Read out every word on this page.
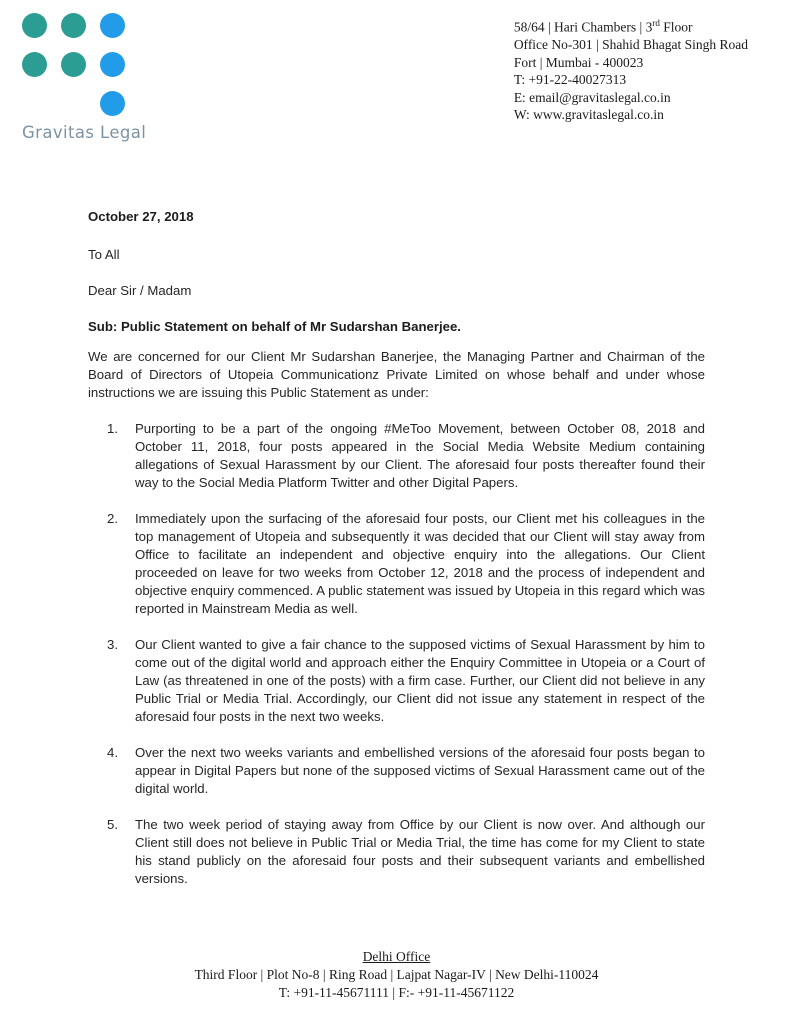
Gravitas Legal
58/64 | Hari Chambers | 3rd Floor
Office No-301 | Shahid Bhagat Singh Road
Fort | Mumbai - 400023
T: +91-22-40027313
E: email@gravitaslegal.co.in
W: www.gravitaslegal.co.in

October 27, 2018

To All

Dear Sir / Madam

Sub: Public Statement on behalf of Mr Sudarshan Banerjee.

We are concerned for our Client Mr Sudarshan Banerjee, the Managing Partner and Chairman of the Board of Directors of Utopeia Communicationz Private Limited on whose behalf and under whose instructions we are issuing this Public Statement as under:

1.	Purporting to be a part of the ongoing #MeToo Movement, between October 08, 2018 and October 11, 2018, four posts appeared in the Social Media Website Medium containing allegations of Sexual Harassment by our Client. The aforesaid four posts thereafter found their way to the Social Media Platform Twitter and other Digital Papers.
2.	Immediately upon the surfacing of the aforesaid four posts, our Client met his colleagues in the top management of Utopeia and subsequently it was decided that our Client will stay away from Office to facilitate an independent and objective enquiry into the allegations. Our Client proceeded on leave for two weeks from October 12, 2018 and the process of independent and objective enquiry commenced. A public statement was issued by Utopeia in this regard which was reported in Mainstream Media as well.
3.	Our Client wanted to give a fair chance to the supposed victims of Sexual Harassment by him to come out of the digital world and approach either the Enquiry Committee in Utopeia or a Court of Law (as threatened in one of the posts) with a firm case. Further, our Client did not believe in any Public Trial or Media Trial. Accordingly, our Client did not issue any statement in respect of the aforesaid four posts in the next two weeks.
4.	Over the next two weeks variants and embellished versions of the aforesaid four posts began to appear in Digital Papers but none of the supposed victims of Sexual Harassment came out of the digital world.
5.	The two week period of staying away from Office by our Client is now over. And although our Client still does not believe in Public Trial or Media Trial, the time has come for my Client to state his stand publicly on the aforesaid four posts and their subsequent variants and embellished versions.
Delhi Office
Third Floor | Plot No-8 | Ring Road | Lajpat Nagar-IV | New Delhi-110024
T: +91-11-45671111 | F:- +91-11-45671122
